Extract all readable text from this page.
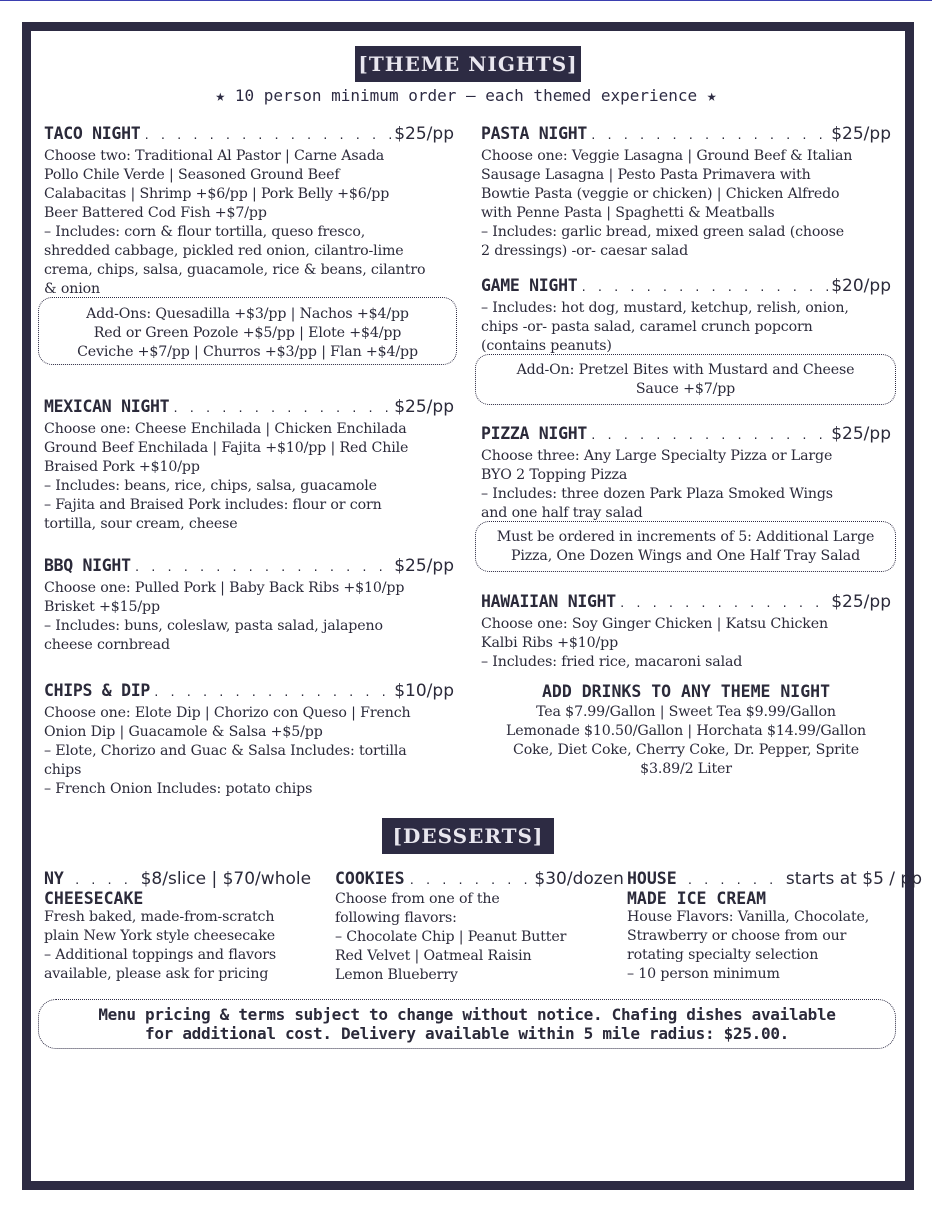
[THEME NIGHTS]
★ 10 person minimum order – each themed experience ★
TACO NIGHT . . .	$25/pp
Choose two: Traditional Al Pastor | Carne Asada
Pollo Chile Verde | Seasoned Ground Beef
Calabacitas | Shrimp +$6/pp | Pork Belly +$6/pp
Beer Battered Cod Fish +$7/pp
– Includes: corn & flour tortilla, queso fresco,
shredded cabbage, pickled red onion, cilantro-lime
crema, chips, salsa, guacamole, rice & beans, cilantro
& onion
Add-Ons: Quesadilla +$3/pp | Nachos +$4/pp
Red or Green Pozole +$5/pp | Elote +$4/pp
Ceviche +$7/pp | Churros +$3/pp | Flan +$4/pp
MEXICAN NIGHT . . .	$25/pp
Choose one: Cheese Enchilada | Chicken Enchilada
Ground Beef Enchilada | Fajita +$10/pp | Red Chile
Braised Pork +$10/pp
– Includes: beans, rice, chips, salsa, guacamole
– Fajita and Braised Pork includes: flour or corn
tortilla, sour cream, cheese
BBQ NIGHT . . .	$25/pp
Choose one: Pulled Pork | Baby Back Ribs +$10/pp
Brisket +$15/pp
– Includes: buns, coleslaw, pasta salad, jalapeno
cheese cornbread
CHIPS & DIP . . .	$10/pp
Choose one: Elote Dip | Chorizo con Queso | French
Onion Dip | Guacamole & Salsa +$5/pp
– Elote, Chorizo and Guac & Salsa Includes: tortilla
chips
– French Onion Includes: potato chips
PASTA NIGHT . . .	$25/pp
Choose one: Veggie Lasagna | Ground Beef & Italian
Sausage Lasagna | Pesto Pasta Primavera with
Bowtie Pasta (veggie or chicken) | Chicken Alfredo
with Penne Pasta | Spaghetti & Meatballs
– Includes: garlic bread, mixed green salad (choose
2 dressings) -or- caesar salad
GAME NIGHT . . .	$20/pp
– Includes: hot dog, mustard, ketchup, relish, onion,
chips -or- pasta salad, caramel crunch popcorn
(contains peanuts)
Add-On: Pretzel Bites with Mustard and Cheese
Sauce +$7/pp
PIZZA NIGHT . . .	$25/pp
Choose three: Any Large Specialty Pizza or Large
BYO 2 Topping Pizza
– Includes: three dozen Park Plaza Smoked Wings
and one half tray salad
Must be ordered in increments of 5: Additional Large
Pizza, One Dozen Wings and One Half Tray Salad
HAWAIIAN NIGHT . . .	$25/pp
Choose one: Soy Ginger Chicken | Katsu Chicken
Kalbi Ribs +$10/pp
– Includes: fried rice, macaroni salad
ADD DRINKS TO ANY THEME NIGHT
Tea $7.99/Gallon | Sweet Tea $9.99/Gallon
Lemonade $10.50/Gallon | Horchata $14.99/Gallon
Coke, Diet Coke, Cherry Coke, Dr. Pepper, Sprite
$3.89/2 Liter
[DESSERTS]
NY . . . . $8/slice | $70/whole
CHEESECAKE
Fresh baked, made-from-scratch
plain New York style cheesecake
– Additional toppings and flavors
available, please ask for pricing
COOKIES . . . . . . . . $30/dozen
Choose from one of the
following flavors:
– Chocolate Chip | Peanut Butter
Red Velvet | Oatmeal Raisin
Lemon Blueberry
HOUSE . . . . . . starts at $5 / pp
MADE ICE CREAM
House Flavors: Vanilla, Chocolate,
Strawberry or choose from our
rotating specialty selection
– 10 person minimum
Menu pricing & terms subject to change without notice. Chafing dishes available
for additional cost. Delivery available within 5 mile radius: $25.00.
